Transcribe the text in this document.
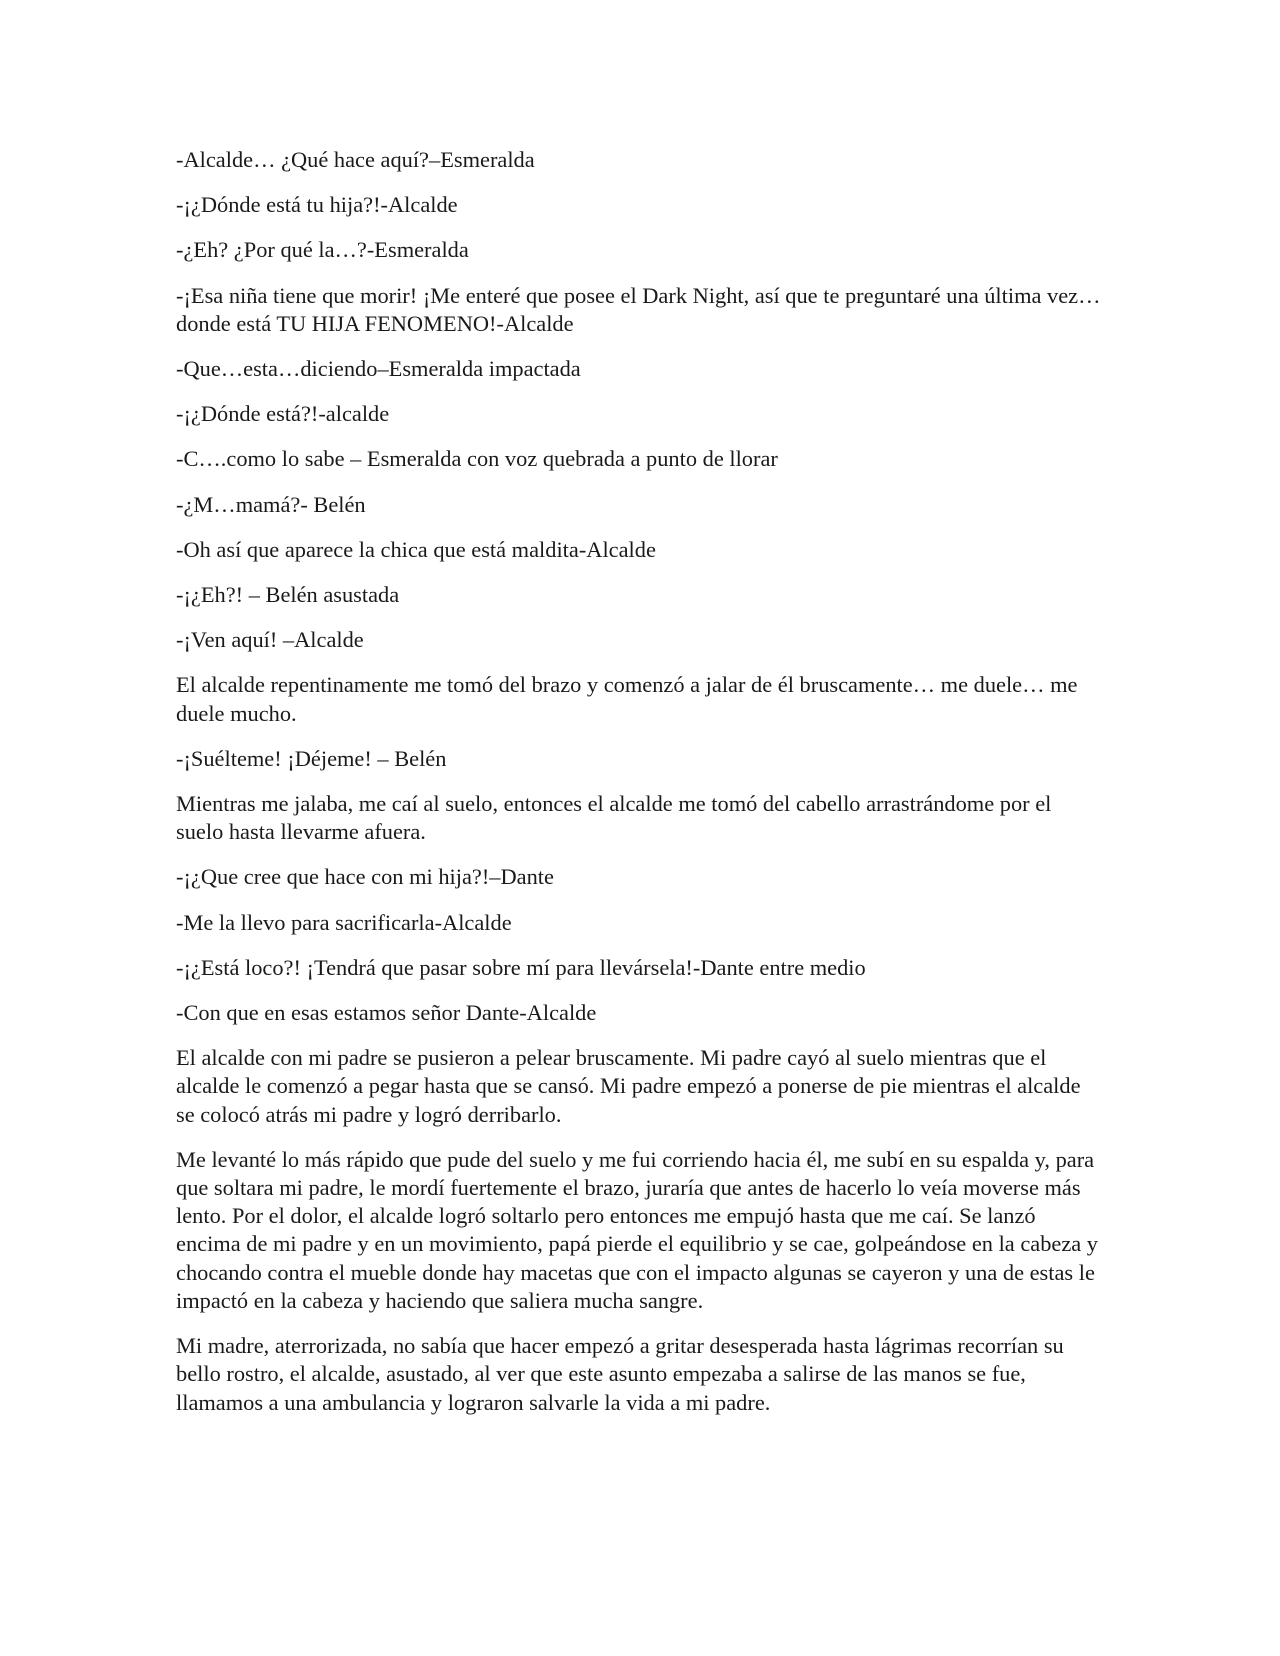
-Alcalde… ¿Qué hace aquí?–Esmeralda

-¡¿Dónde está tu hija?!-Alcalde

-¿Eh? ¿Por qué la…?-Esmeralda

-¡Esa niña tiene que morir! ¡Me enteré que posee el Dark Night, así que te preguntaré una última vez… donde está TU HIJA FENOMENO!-Alcalde

-Que…esta…diciendo–Esmeralda impactada

-¡¿Dónde está?!-alcalde

-C….como lo sabe – Esmeralda con voz quebrada a punto de llorar

-¿M…mamá?- Belén

-Oh así que aparece la chica que está maldita-Alcalde

-¡¿Eh?! – Belén asustada

-¡Ven aquí! –Alcalde

El alcalde repentinamente me tomó del brazo y comenzó a jalar de él bruscamente… me duele… me duele mucho.

-¡Suélteme! ¡Déjeme! – Belén

Mientras me jalaba, me caí al suelo, entonces el alcalde me tomó del cabello arrastrándome por el suelo hasta llevarme afuera.

-¡¿Que cree que hace con mi hija?!–Dante

-Me la llevo para sacrificarla-Alcalde

-¡¿Está loco?! ¡Tendrá que pasar sobre mí para llevársela!-Dante entre medio

-Con que en esas estamos señor Dante-Alcalde

El alcalde con mi padre se pusieron a pelear bruscamente. Mi padre cayó al suelo mientras que el alcalde le comenzó a pegar hasta que se cansó. Mi padre empezó a ponerse de pie mientras el alcalde se colocó atrás mi padre y logró derribarlo.

Me levanté lo más rápido que pude del suelo y me fui corriendo hacia él, me subí en su espalda y, para que soltara mi padre, le mordí fuertemente el brazo, juraría que antes de hacerlo lo veía moverse más lento. Por el dolor, el alcalde logró soltarlo pero entonces me empujó hasta que me caí. Se lanzó encima de mi padre y en un movimiento, papá pierde el equilibrio y se cae, golpeándose en la cabeza y chocando contra el mueble donde hay macetas que con el impacto algunas se cayeron y una de estas le impactó en la cabeza y haciendo que saliera mucha sangre.

Mi madre, aterrorizada, no sabía que hacer empezó a gritar desesperada hasta lágrimas recorrían su bello rostro, el alcalde, asustado, al ver que este asunto empezaba a salirse de las manos se fue, llamamos a una ambulancia y lograron salvarle la vida a mi padre.
